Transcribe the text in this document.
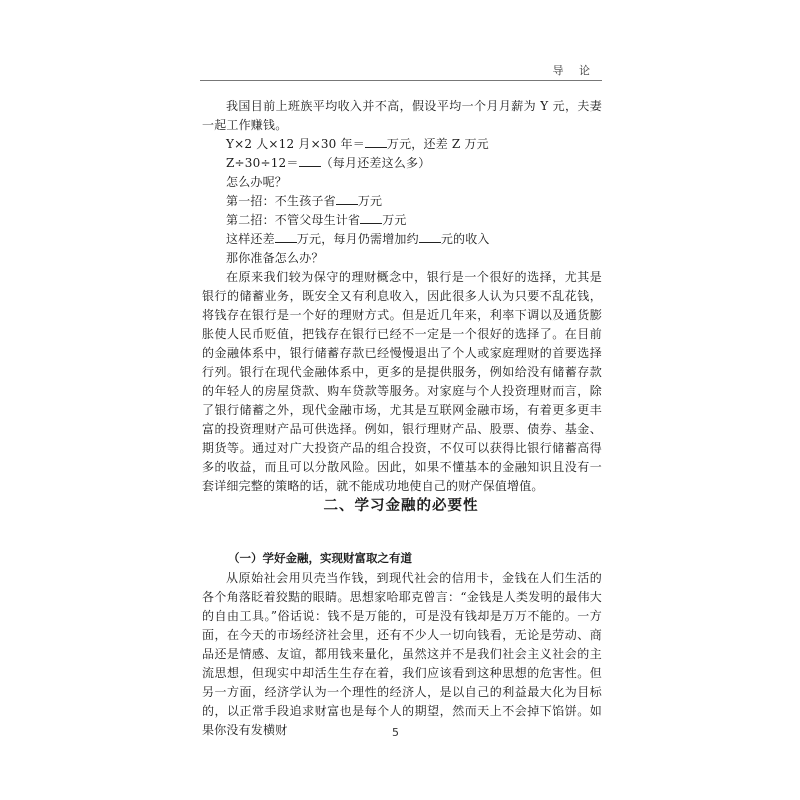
导 论

我国目前上班族平均收入并不高，假设平均一个月月薪为 Y 元，夫妻一起工作赚钱。

Y×2 人×12 月×30 年＝ 万元，还差 Z 万元

Z÷30÷12＝ （每月还差这么多）

怎么办呢？

第一招：不生孩子省 万元

第二招：不管父母生计省 万元

这样还差 万元，每月仍需增加约 元的收入

那你准备怎么办？

在原来我们较为保守的理财概念中，银行是一个很好的选择，尤其是银行的储蓄业务，既安全又有利息收入，因此很多人认为只要不乱花钱，将钱存在银行是一个好的理财方式。但是近几年来，利率下调以及通货膨胀使人民币贬值，把钱存在银行已经不一定是一个很好的选择了。在目前的金融体系中，银行储蓄存款已经慢慢退出了个人或家庭理财的首要选择行列。银行在现代金融体系中，更多的是提供服务，例如给没有储蓄存款的年轻人的房屋贷款、购车贷款等服务。对家庭与个人投资理财而言，除了银行储蓄之外，现代金融市场，尤其是互联网金融市场，有着更多更丰富的投资理财产品可供选择。例如，银行理财产品、股票、债券、基金、期货等。通过对广大投资产品的组合投资，不仅可以获得比银行储蓄高得多的收益，而且可以分散风险。因此，如果不懂基本的金融知识且没有一套详细完整的策略的话，就不能成功地使自己的财产保值增值。

二、学习金融的必要性
（一）学好金融，实现财富取之有道

从原始社会用贝壳当作钱，到现代社会的信用卡，金钱在人们生活的各个角落眨着狡黠的眼睛。思想家哈耶克曾言：“金钱是人类发明的最伟大的自由工具。”俗话说：钱不是万能的，可是没有钱却是万万不能的。一方面，在今天的市场经济社会里，还有不少人一切向钱看，无论是劳动、商品还是情感、友谊，都用钱来量化，虽然这并不是我们社会主义社会的主流思想，但现实中却活生生存在着，我们应该看到这种思想的危害性。但另一方面，经济学认为一个理性的经济人，是以自己的利益最大化为目标的，以正常手段追求财富也是每个人的期望，然而天上不会掉下馅饼。如果你没有发横财	5
